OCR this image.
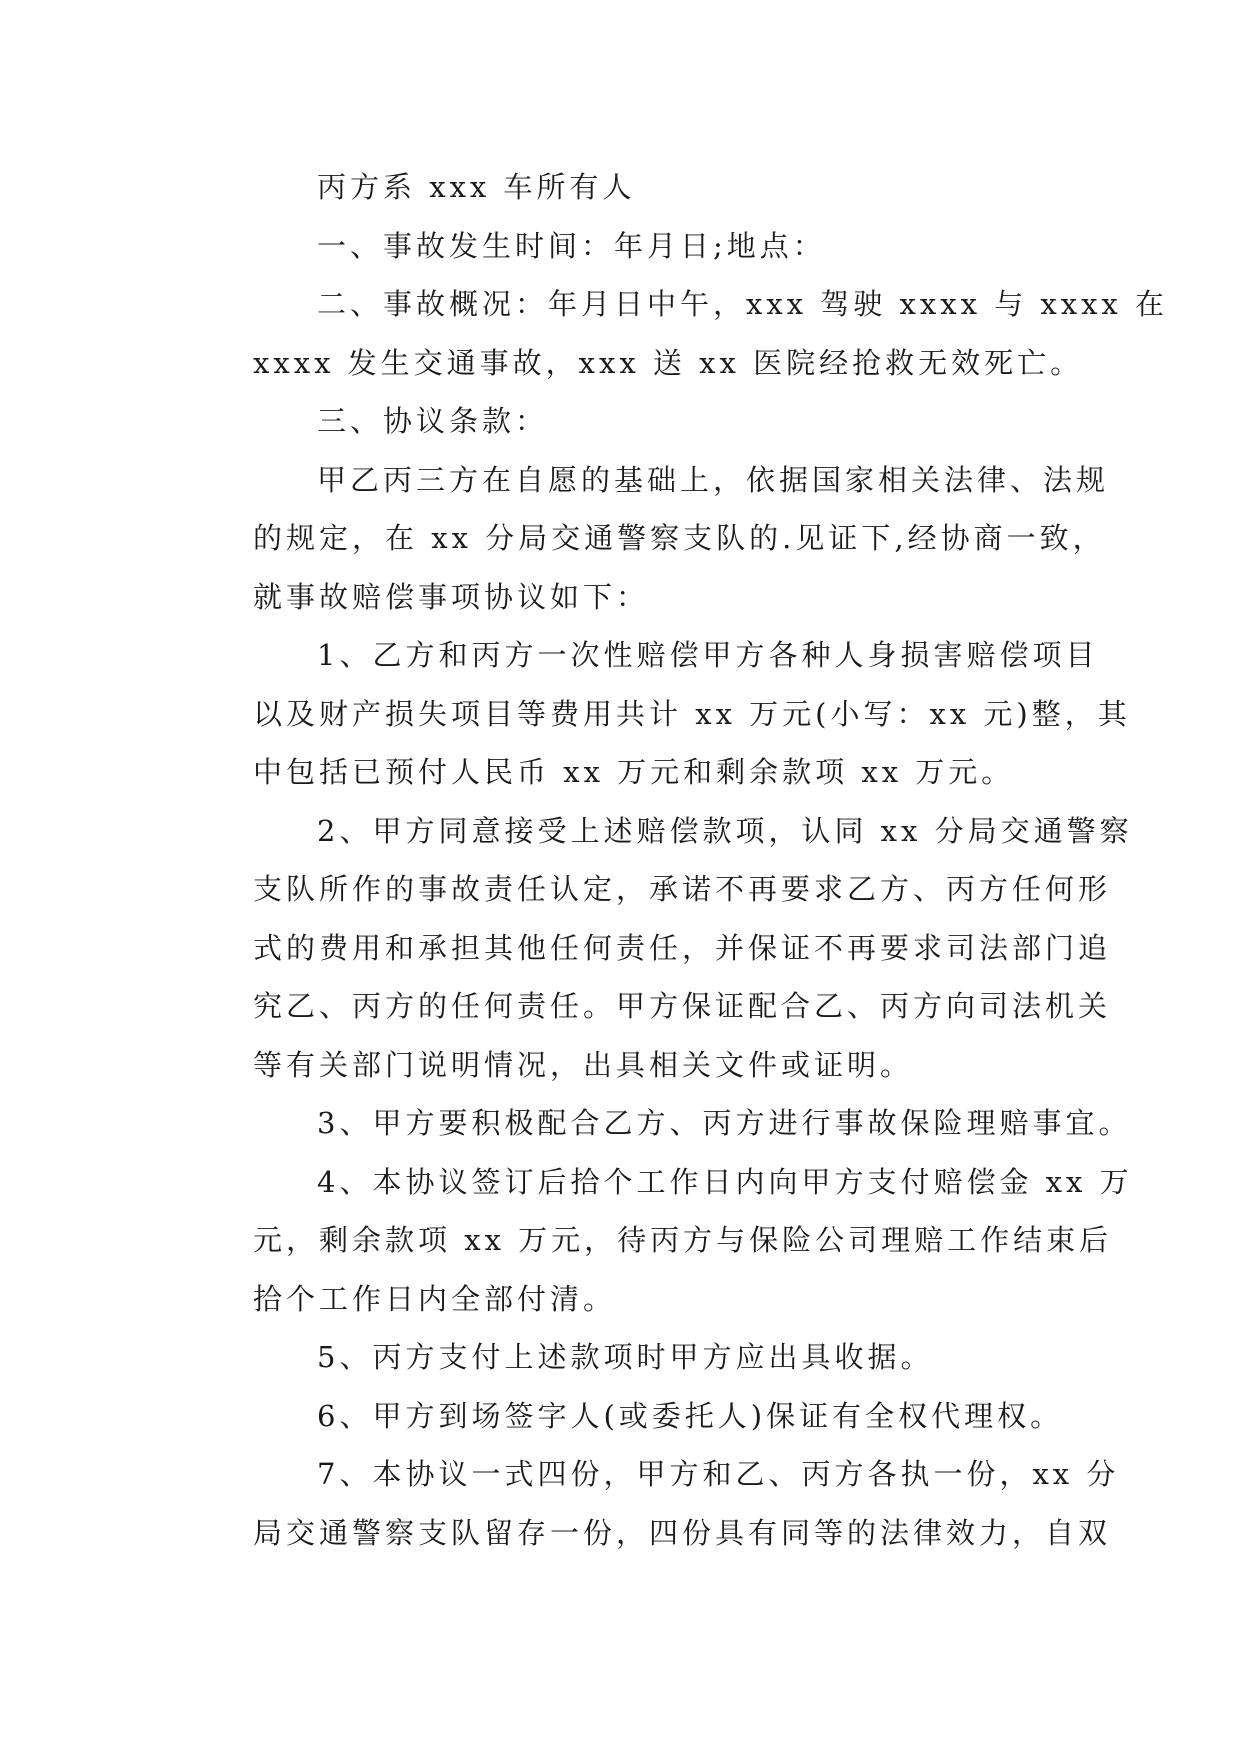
丙方系 xxx 车所有人
一、事故发生时间：年月日;地点：
二、事故概况：年月日中午，xxx 驾驶 xxxx 与 xxxx 在
xxxx 发生交通事故，xxx 送 xx 医院经抢救无效死亡。
三、协议条款：
甲乙丙三方在自愿的基础上，依据国家相关法律、法规
的规定，在 xx 分局交通警察支队的.见证下,经协商一致，
就事故赔偿事项协议如下：
1、乙方和丙方一次性赔偿甲方各种人身损害赔偿项目
以及财产损失项目等费用共计 xx 万元(小写：xx 元)整，其
中包括已预付人民币 xx 万元和剩余款项 xx 万元。
2、甲方同意接受上述赔偿款项，认同 xx 分局交通警察
支队所作的事故责任认定，承诺不再要求乙方、丙方任何形
式的费用和承担其他任何责任，并保证不再要求司法部门追
究乙、丙方的任何责任。甲方保证配合乙、丙方向司法机关
等有关部门说明情况，出具相关文件或证明。
3、甲方要积极配合乙方、丙方进行事故保险理赔事宜。
4、本协议签订后拾个工作日内向甲方支付赔偿金 xx 万
元，剩余款项 xx 万元，待丙方与保险公司理赔工作结束后
拾个工作日内全部付清。
5、丙方支付上述款项时甲方应出具收据。
6、甲方到场签字人(或委托人)保证有全权代理权。
7、本协议一式四份，甲方和乙、丙方各执一份，xx 分
局交通警察支队留存一份，四份具有同等的法律效力，自双
